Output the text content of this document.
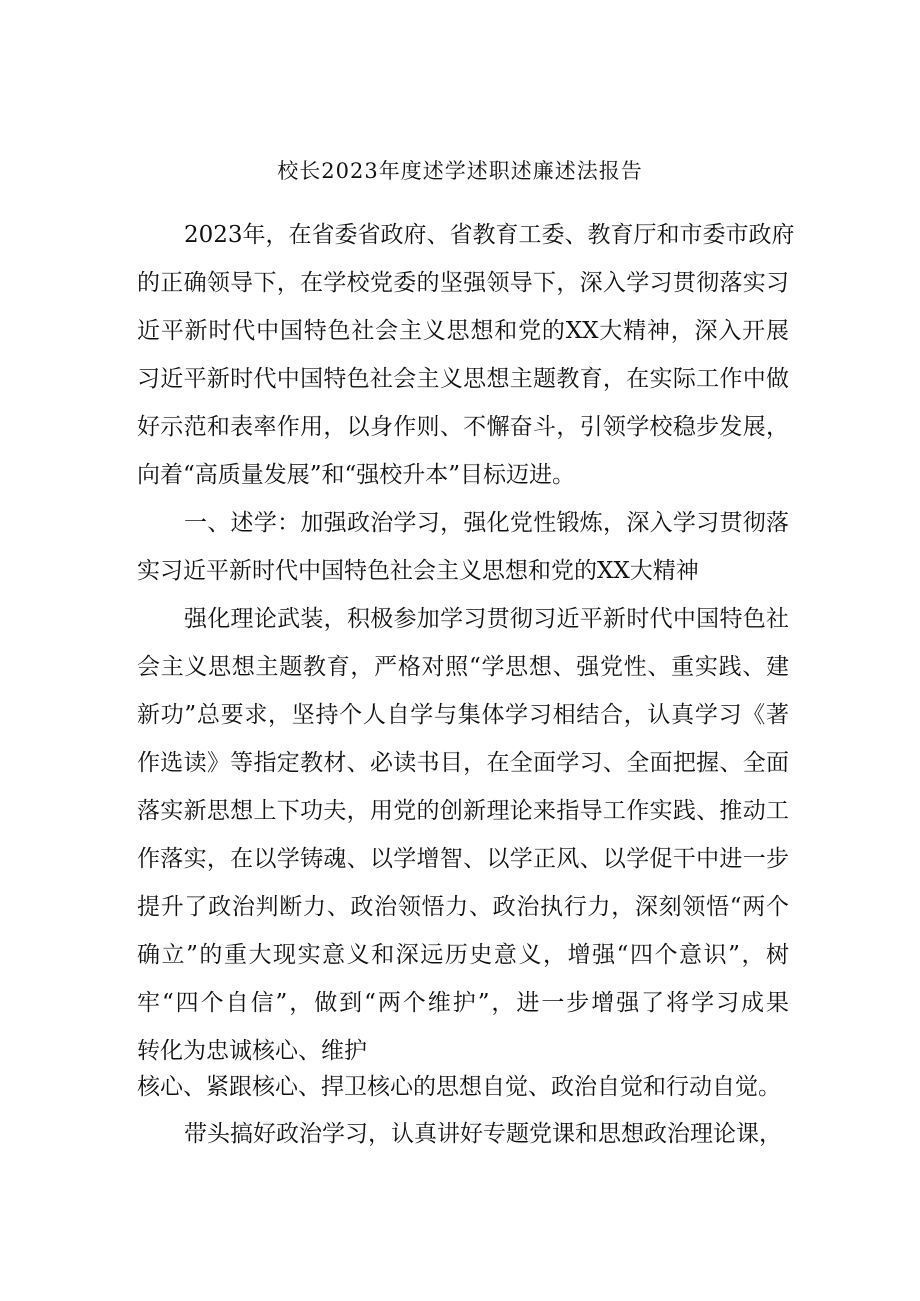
校长2023年度述学述职述廉述法报告
2023年，在省委省政府、省教育工委、教育厅和市委市政府
的正确领导下，在学校党委的坚强领导下，深入学习贯彻落实习
近平新时代中国特色社会主义思想和党的XX大精神，深入开展
习近平新时代中国特色社会主义思想主题教育，在实际工作中做
好示范和表率作用，以身作则、不懈奋斗，引领学校稳步发展，
向着“高质量发展”和“强校升本”目标迈进。
一、述学：加强政治学习，强化党性锻炼，深入学习贯彻落
实习近平新时代中国特色社会主义思想和党的XX大精神
强化理论武装，积极参加学习贯彻习近平新时代中国特色社
会主义思想主题教育，严格对照“学思想、强党性、重实践、建
新功”总要求，坚持个人自学与集体学习相结合，认真学习《著
作选读》等指定教材、必读书目，在全面学习、全面把握、全面
落实新思想上下功夫，用党的创新理论来指导工作实践、推动工
作落实，在以学铸魂、以学增智、以学正风、以学促干中进一步
提升了政治判断力、政治领悟力、政治执行力，深刻领悟“两个
确立”的重大现实意义和深远历史意义，增强“四个意识”，树
牢“四个自信”，做到“两个维护”，进一步增强了将学习成果
转化为忠诚核心、维护
核心、紧跟核心、捍卫核心的思想自觉、政治自觉和行动自觉。
带头搞好政治学习，认真讲好专题党课和思想政治理论课，
